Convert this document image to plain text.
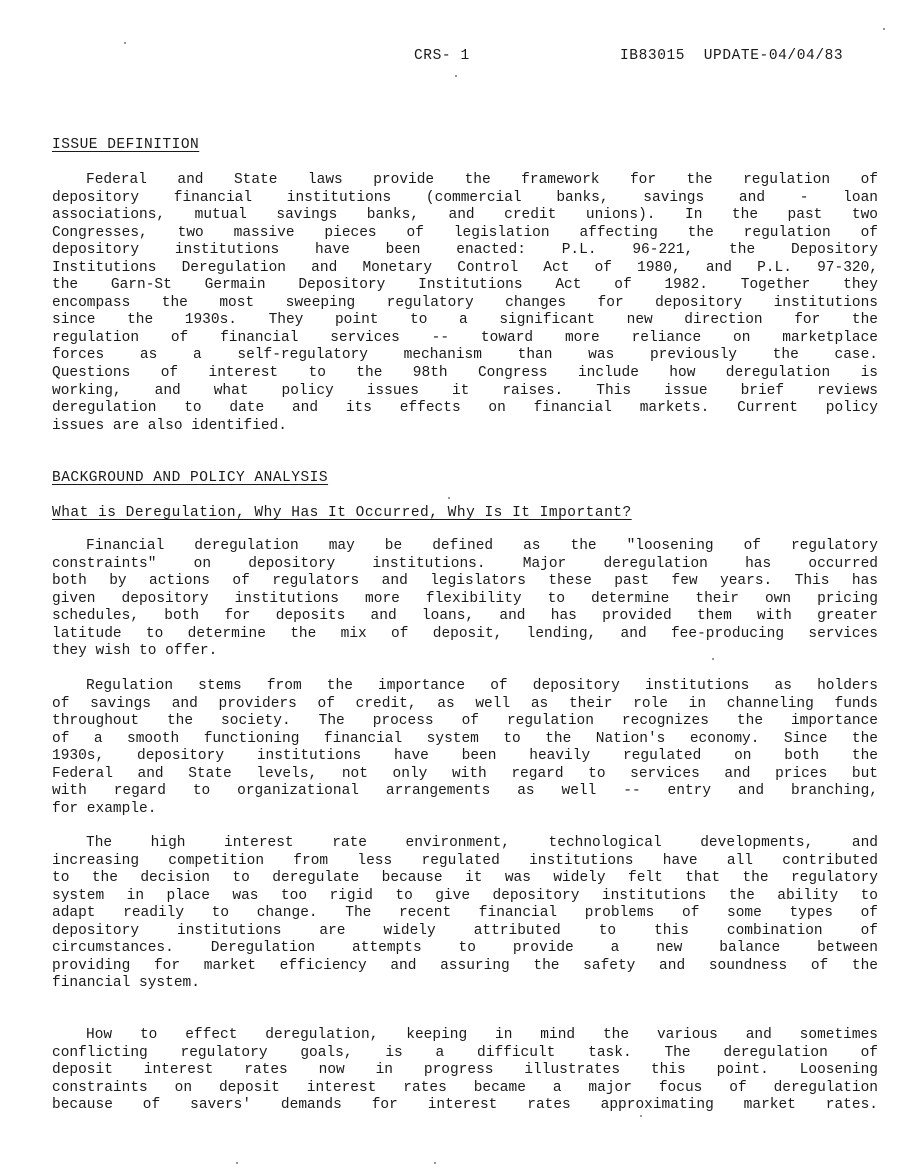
CRS- 1	IB83015  UPDATE-04/04/83
ISSUE DEFINITION
Federal and State laws provide the framework for the regulation of
depository financial institutions (commercial banks, savings and - loan
associations, mutual savings banks, and credit unions). In the past two
Congresses, two massive pieces of legislation affecting the regulation of
depository institutions have been enacted: P.L. 96-221, the Depository
Institutions Deregulation and Monetary Control Act of 1980, and P.L. 97-320,
the Garn-St Germain Depository Institutions Act of 1982. Together they
encompass the most sweeping regulatory changes for depository institutions
since the 1930s. They point to a significant new direction for the
regulation of financial services -- toward more reliance on marketplace
forces as a self-regulatory mechanism than was previously the case.
Questions of interest to the 98th Congress include how deregulation is
working, and what policy issues it raises. This issue brief reviews
deregulation to date and its effects on financial markets. Current policy
issues are also identified.
BACKGROUND AND POLICY ANALYSIS
What is Deregulation, Why Has It Occurred, Why Is It Important?
Financial deregulation may be defined as the "loosening of regulatory
constraints" on depository institutions. Major deregulation has occurred
both by actions of regulators and legislators these past few years. This has
given depository institutions more flexibility to determine their own pricing
schedules, both for deposits and loans, and has provided them with greater
latitude to determine the mix of deposit, lending, and fee-producing services
they wish to offer.
Regulation stems from the importance of depository institutions as holders
of savings and providers of credit, as well as their role in channeling funds
throughout the society. The process of regulation recognizes the importance
of a smooth functioning financial system to the Nation's economy. Since the
1930s, depository institutions have been heavily regulated on both the
Federal and State levels, not only with regard to services and prices but
with regard to organizational arrangements as well -- entry and branching,
for example.
The high interest rate environment, technological developments, and
increasing competition from less regulated institutions have all contributed
to the decision to deregulate because it was widely felt that the regulatory
system in place was too rigid to give depository institutions the ability to
adapt readily to change. The recent financial problems of some types of
depository institutions are widely attributed to this combination of
circumstances. Deregulation attempts to provide a new balance between
providing for market efficiency and assuring the safety and soundness of the
financial system.
How to effect deregulation, keeping in mind the various and sometimes
conflicting regulatory goals, is a difficult task. The deregulation of
deposit interest rates now in progress illustrates this point. Loosening
constraints on deposit interest rates became a major focus of deregulation
because of savers' demands for interest rates approximating market rates.
